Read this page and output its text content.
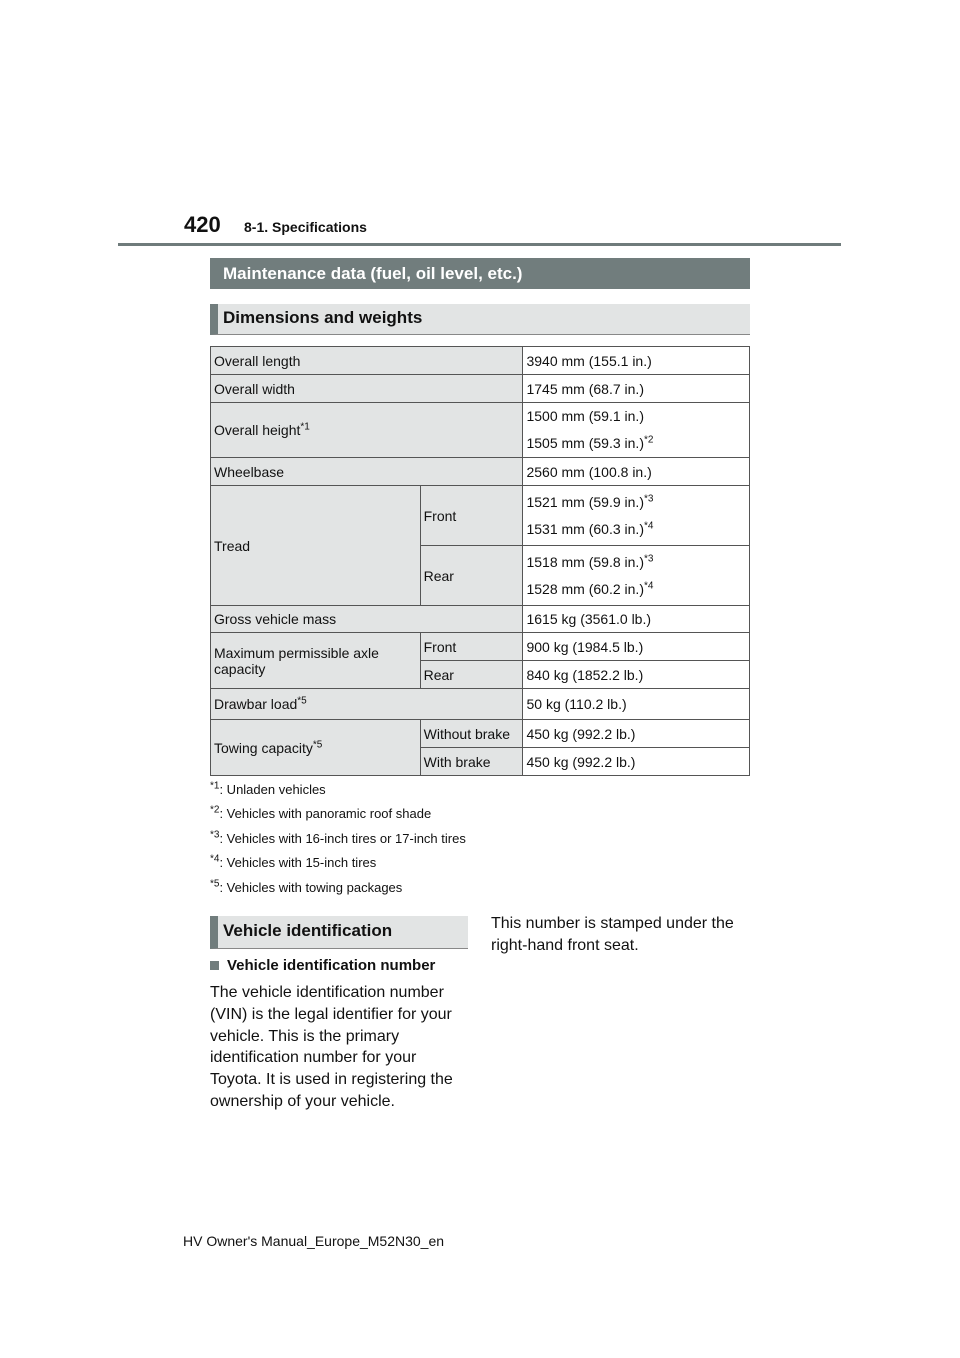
420 8-1. Specifications
Maintenance data (fuel, oil level, etc.)
Dimensions and weights
Overall length		3940 mm (155.1 in.)
Overall width		1745 mm (68.7 in.)
Overall height$^{*1}$		1500 mm (59.1 in.)
1505 mm (59.3 in.)$^{*2}$

Wheelbase		2560 mm (100.8 in.)
Tread	Front	1521 mm (59.9 in.)$^{*3}$
1531 mm (60.3 in.)$^{*4}$

	Rear	1518 mm (59.8 in.)$^{*3}$
1528 mm (60.2 in.)$^{*4}$

Gross vehicle mass		1615 kg (3561.0 lb.)
Maximum permissible axle capacity	Front	900 kg (1984.5 lb.)
	Rear	840 kg (1852.2 lb.)
Drawbar load$^{*5}$		50 kg (110.2 lb.)
Towing capacity$^{*5}$	Without brake	450 kg (992.2 lb.)
	With brake	450 kg (992.2 lb.)
$^{*1}$: Unladen vehicles
$^{*2}$: Vehicles with panoramic roof shade
$^{*3}$: Vehicles with 16-inch tires or 17-inch tires
$^{*4}$: Vehicles with 15-inch tires
$^{*5}$: Vehicles with towing packages
Vehicle identification
Vehicle identification number
The vehicle identification number (VIN) is the legal identifier for your vehicle. This is the primary identification number for your Toyota. It is used in registering the ownership of your vehicle.
This number is stamped under the right-hand front seat.
HV Owner's Manual_Europe_M52N30_en
